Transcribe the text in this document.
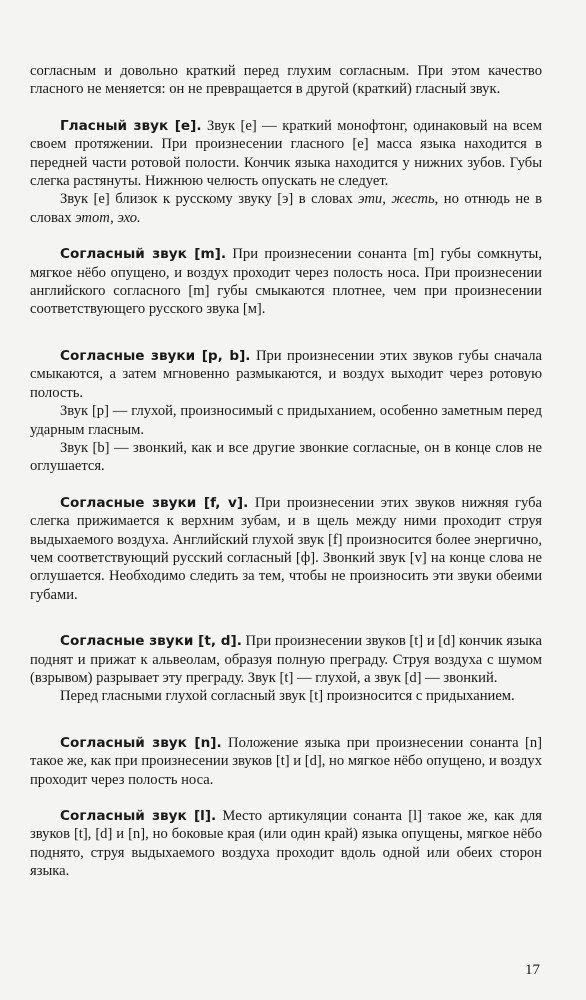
согласным и довольно краткий перед глухим согласным. При этом качество гласного не меняется: он не превращается в другой (краткий) гласный звук.

Гласный звук [e]. Звук [e] — краткий монофтонг, одинаковый на всем своем протяжении. При произнесении гласного [e] масса языка находится в передней части ротовой полости. Кончик языка находится у нижних зубов. Губы слегка растянуты. Нижнюю челюсть опускать не следует.

Звук [e] близок к русскому звуку [э] в словах эти, жесть, но отнюдь не в словах этот, эхо.

Согласный звук [m]. При произнесении сонанта [m] губы сомкнуты, мягкое нёбо опущено, и воздух проходит через полость носа. При произнесении английского согласного [m] губы смыкаются плотнее, чем при произнесении соответствующего русского звука [м].

Согласные звуки [p, b]. При произнесении этих звуков губы сначала смыкаются, а затем мгновенно размыкаются, и воздух выходит через ротовую полость.

Звук [p] — глухой, произносимый с придыханием, особенно заметным перед ударным гласным.

Звук [b] — звонкий, как и все другие звонкие согласные, он в конце слов не оглушается.

Согласные звуки [f, v]. При произнесении этих звуков нижняя губа слегка прижимается к верхним зубам, и в щель между ними проходит струя выдыхаемого воздуха. Английский глухой звук [f] произносится более энергично, чем соответствующий русский согласный [ф]. Звонкий звук [v] на конце слова не оглушается. Необходимо следить за тем, чтобы не произносить эти звуки обеими губами.

Согласные звуки [t, d]. При произнесении звуков [t] и [d] кончик языка поднят и прижат к альвеолам, образуя полную преграду. Струя воздуха с шумом (взрывом) разрывает эту преграду. Звук [t] — глухой, а звук [d] — звонкий.

Перед гласными глухой согласный звук [t] произносится с придыханием.

Согласный звук [n]. Положение языка при произнесении сонанта [n] такое же, как при произнесении звуков [t] и [d], но мягкое нёбо опущено, и воздух проходит через полость носа.

Согласный звук [l]. Место артикуляции сонанта [l] такое же, как для звуков [t], [d] и [n], но боковые края (или один край) языка опущены, мягкое нёбо поднято, струя выдыхаемого воздуха проходит вдоль одной или обеих сторон языка.

17
